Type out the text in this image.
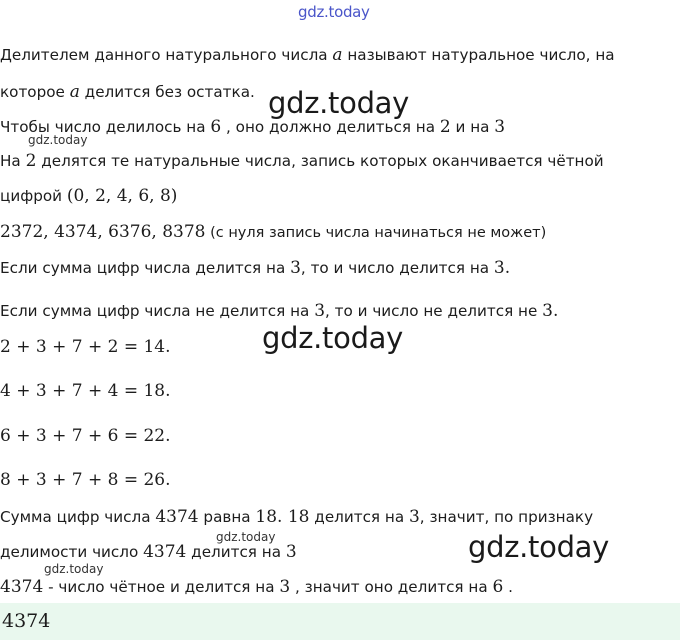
gdz.today
gdz.today
gdz.today
gdz.today
gdz.today	gdz.today
gdz.today
Делителем данного натурального числа a называют натуральное число, на
которое a делится без остатка.
Чтобы число делилось на 6 , оно должно делиться на 2 и на 3
На 2 делятся те натуральные числа, запись которых оканчивается чётной
цифрой (0, 2, 4, 6, 8)
2372, 4374, 6376, 8378 (с нуля запись числа начинаться не может)
Если сумма цифр числа делится на 3, то и число делится на 3.
Если сумма цифр числа не делится на 3, то и число не делится не 3.
2 + 3 + 7 + 2 = 14.
4 + 3 + 7 + 4 = 18.
6 + 3 + 7 + 6 = 22.
8 + 3 + 7 + 8 = 26.
Сумма цифр числа 4374 равна 18. 18 делится на 3, значит, по признаку
делимости число 4374 делится на 3
4374 - число чётное и делится на 3 , значит оно делится на 6 .
4374
